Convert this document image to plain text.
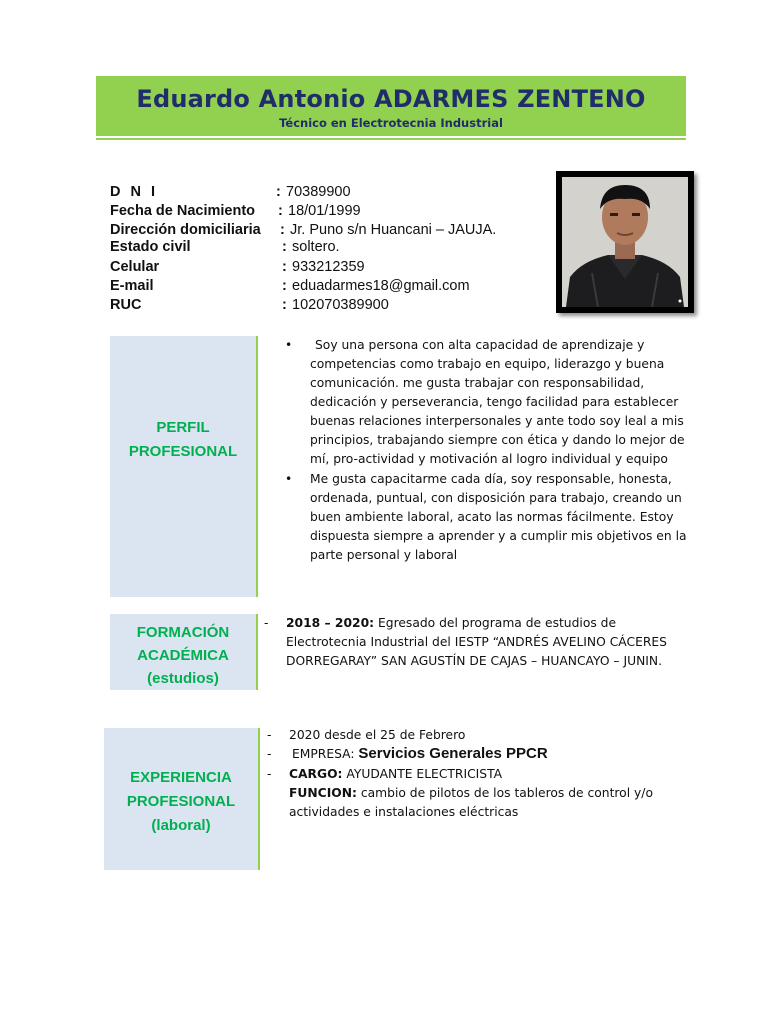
Eduardo Antonio ADARMES ZENTENO
Técnico en Electrotecnia Industrial
D N I	: 70389900
Fecha de Nacimiento : 18/01/1999
Dirección domiciliaria : Jr. Puno s/n Huancani – JAUJA.
Estado civil	: soltero.
Celular	: 933212359
E-mail	: eduadarmes18@gmail.com
RUC	: 102070389900
PERFIL
PROFESIONAL
• Soy una persona con alta capacidad de aprendizaje y
competencias como trabajo en equipo, liderazgo y buena
comunicación. me gusta trabajar con responsabilidad,
dedicación y perseverancia, tengo facilidad para establecer
buenas relaciones interpersonales y ante todo soy leal a mis
principios, trabajando siempre con ética y dando lo mejor de
mí, pro-actividad y motivación al logro individual y equipo
• Me gusta capacitarme cada día, soy responsable, honesta,
ordenada, puntual, con disposición para trabajo, creando un
buen ambiente laboral, acato las normas fácilmente. Estoy
dispuesta siempre a aprender y a cumplir mis objetivos en la
parte personal y laboral
FORMACIÓN
ACADÉMICA
(estudios)
- 2018 – 2020: Egresado del programa de estudios de
Electrotecnia Industrial del IESTP “ANDRÉS AVELINO CÁCERES
DORREGARAY” SAN AGUSTÍN DE CAJAS – HUANCAYO – JUNIN.
EXPERIENCIA
PROFESIONAL
(laboral)
- 2020 desde el 25 de Febrero
- EMPRESA: Servicios Generales PPCR
- CARGO: AYUDANTE ELECTRICISTA
FUNCION: cambio de pilotos de los tableros de control y/o
actividades e instalaciones eléctricas
